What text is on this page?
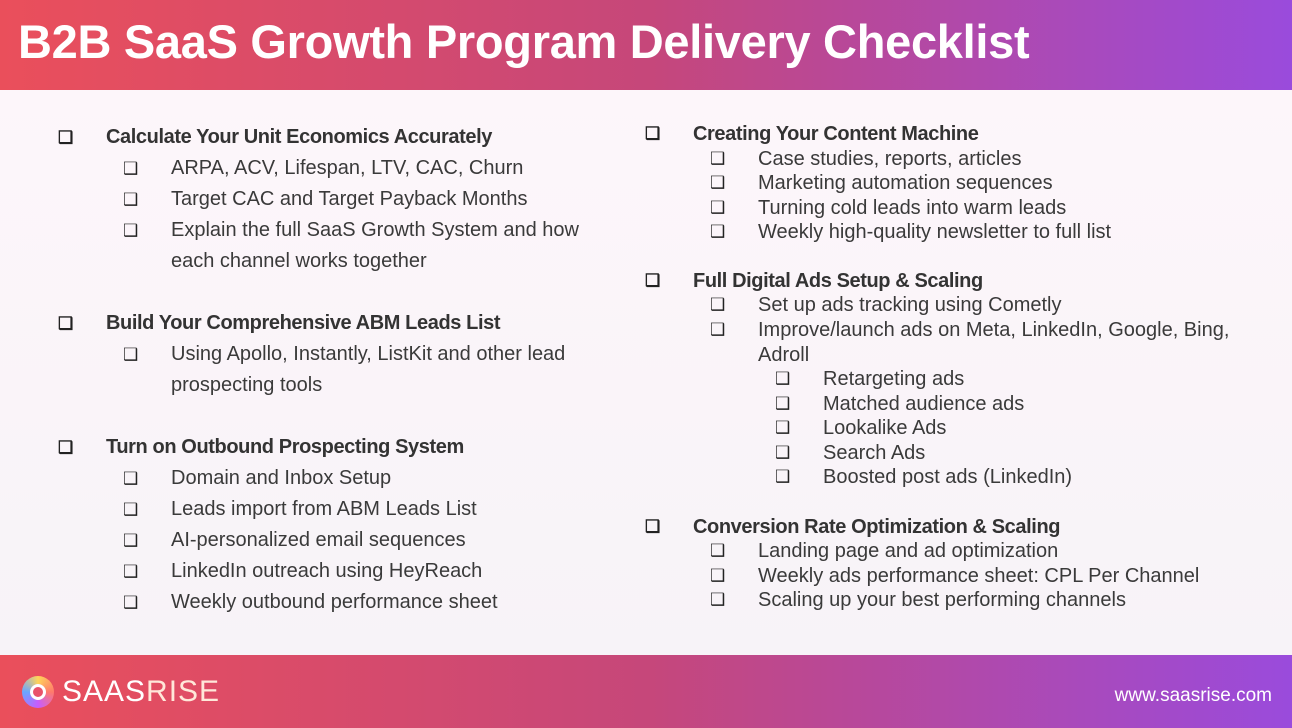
B2B SaaS Growth Program Delivery Checklist
❑	Calculate Your Unit Economics Accurately
❑	ARPA, ACV, Lifespan, LTV, CAC, Churn
❑	Target CAC and Target Payback Months
❑	Explain the full SaaS Growth System and how each channel works together
❑	Build Your Comprehensive ABM Leads List
❑	Using Apollo, Instantly, ListKit and other lead prospecting tools
❑	Turn on Outbound Prospecting System
❑	Domain and Inbox Setup
❑	Leads import from ABM Leads List
❑	AI-personalized email sequences
❑	LinkedIn outreach using HeyReach
❑	Weekly outbound performance sheet
❑	Creating Your Content Machine
❑	Case studies, reports, articles
❑	Marketing automation sequences
❑	Turning cold leads into warm leads
❑	Weekly high-quality newsletter to full list
❑	Full Digital Ads Setup & Scaling
❑	Set up ads tracking using Cometly
❑	Improve/launch ads on Meta, LinkedIn, Google, Bing, Adroll
❑	Retargeting ads
❑	Matched audience ads
❑	Lookalike Ads
❑	Search Ads
❑	Boosted post ads (LinkedIn)
❑	Conversion Rate Optimization & Scaling
❑	Landing page and ad optimization
❑	Weekly ads performance sheet: CPL Per Channel
❑	Scaling up your best performing channels
SAASRISE	www.saasrise.com
